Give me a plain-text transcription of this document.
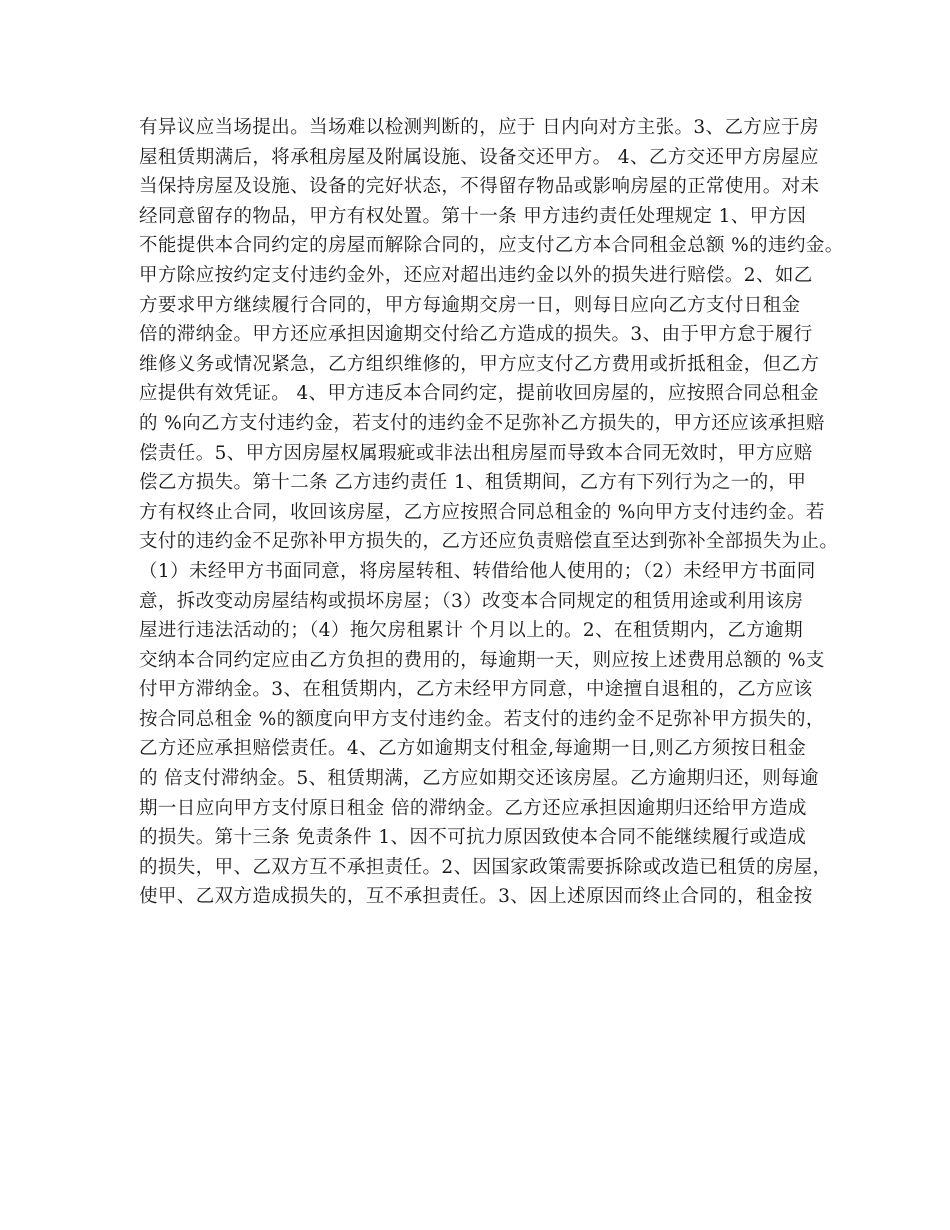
有异议应当场提出。当场难以检测判断的，应于 日内向对方主张。3、乙方应于房
屋租赁期满后，将承租房屋及附属设施、设备交还甲方。 4、乙方交还甲方房屋应
当保持房屋及设施、设备的完好状态，不得留存物品或影响房屋的正常使用。对未
经同意留存的物品，甲方有权处置。第十一条 甲方违约责任处理规定 1、甲方因
不能提供本合同约定的房屋而解除合同的，应支付乙方本合同租金总额 %的违约金。
甲方除应按约定支付违约金外，还应对超出违约金以外的损失进行赔偿。2、如乙
方要求甲方继续履行合同的，甲方每逾期交房一日，则每日应向乙方支付日租金
倍的滞纳金。甲方还应承担因逾期交付给乙方造成的损失。3、由于甲方怠于履行
维修义务或情况紧急，乙方组织维修的，甲方应支付乙方费用或折抵租金，但乙方
应提供有效凭证。 4、甲方违反本合同约定，提前收回房屋的，应按照合同总租金
的 %向乙方支付违约金，若支付的违约金不足弥补乙方损失的，甲方还应该承担赔
偿责任。5、甲方因房屋权属瑕疵或非法出租房屋而导致本合同无效时，甲方应赔
偿乙方损失。第十二条 乙方违约责任 1、租赁期间，乙方有下列行为之一的，甲
方有权终止合同，收回该房屋，乙方应按照合同总租金的 %向甲方支付违约金。若
支付的违约金不足弥补甲方损失的，乙方还应负责赔偿直至达到弥补全部损失为止。
（1）未经甲方书面同意，将房屋转租、转借给他人使用的；（2）未经甲方书面同
意，拆改变动房屋结构或损坏房屋；（3）改变本合同规定的租赁用途或利用该房
屋进行违法活动的；（4）拖欠房租累计 个月以上的。2、在租赁期内，乙方逾期
交纳本合同约定应由乙方负担的费用的，每逾期一天，则应按上述费用总额的 %支
付甲方滞纳金。3、在租赁期内，乙方未经甲方同意，中途擅自退租的，乙方应该
按合同总租金 %的额度向甲方支付违约金。若支付的违约金不足弥补甲方损失的，
乙方还应承担赔偿责任。4、乙方如逾期支付租金,每逾期一日,则乙方须按日租金
的 倍支付滞纳金。5、租赁期满，乙方应如期交还该房屋。乙方逾期归还，则每逾
期一日应向甲方支付原日租金 倍的滞纳金。乙方还应承担因逾期归还给甲方造成
的损失。第十三条 免责条件 1、因不可抗力原因致使本合同不能继续履行或造成
的损失，甲、乙双方互不承担责任。2、因国家政策需要拆除或改造已租赁的房屋，
使甲、乙双方造成损失的，互不承担责任。3、因上述原因而终止合同的，租金按
